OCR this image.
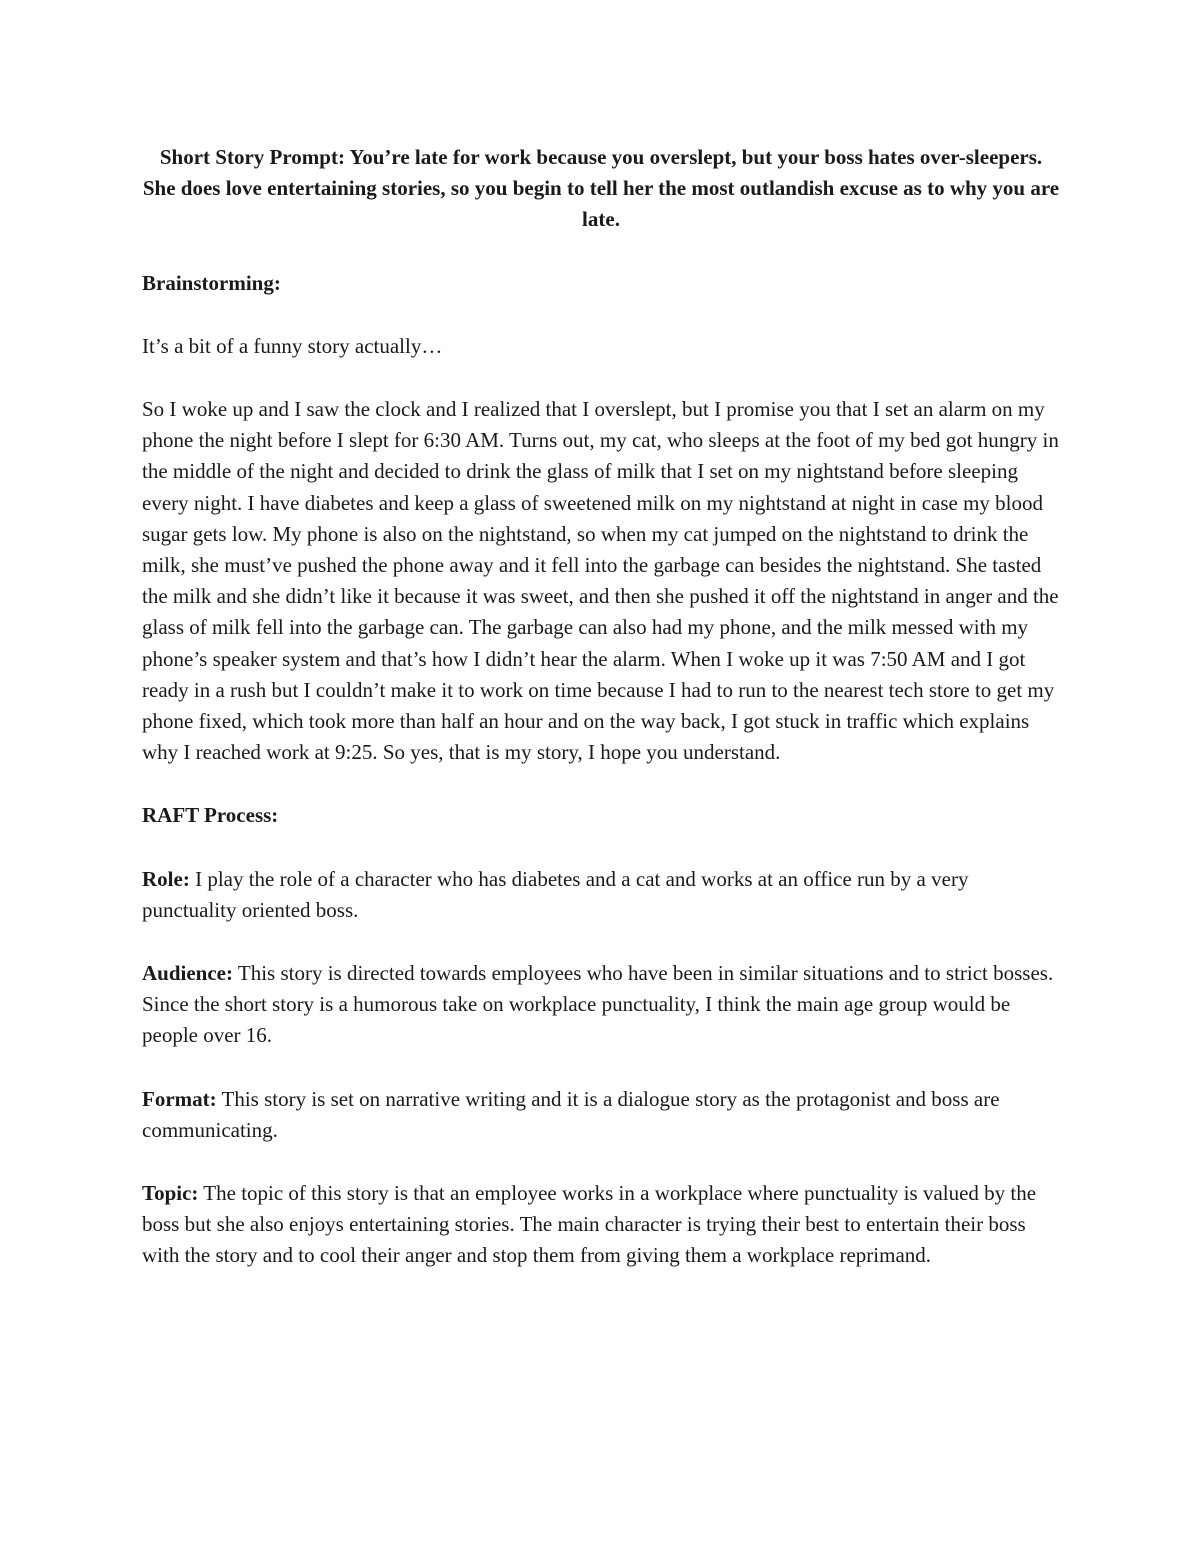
Short Story Prompt: You’re late for work because you overslept, but your boss hates over-sleepers. She does love entertaining stories, so you begin to tell her the most outlandish excuse as to why you are late.

Brainstorming:

It’s a bit of a funny story actually…

So I woke up and I saw the clock and I realized that I overslept, but I promise you that I set an alarm on my phone the night before I slept for 6:30 AM. Turns out, my cat, who sleeps at the foot of my bed got hungry in the middle of the night and decided to drink the glass of milk that I set on my nightstand before sleeping every night. I have diabetes and keep a glass of sweetened milk on my nightstand at night in case my blood sugar gets low. My phone is also on the nightstand, so when my cat jumped on the nightstand to drink the milk, she must’ve pushed the phone away and it fell into the garbage can besides the nightstand. She tasted the milk and she didn’t like it because it was sweet, and then she pushed it off the nightstand in anger and the glass of milk fell into the garbage can. The garbage can also had my phone, and the milk messed with my phone’s speaker system and that’s how I didn’t hear the alarm. When I woke up it was 7:50 AM and I got ready in a rush but I couldn’t make it to work on time because I had to run to the nearest tech store to get my phone fixed, which took more than half an hour and on the way back, I got stuck in traffic which explains why I reached work at 9:25. So yes, that is my story, I hope you understand.

RAFT Process:

Role: I play the role of a character who has diabetes and a cat and works at an office run by a very punctuality oriented boss.

Audience: This story is directed towards employees who have been in similar situations and to strict bosses. Since the short story is a humorous take on workplace punctuality, I think the main age group would be people over 16.

Format: This story is set on narrative writing and it is a dialogue story as the protagonist and boss are communicating.

Topic: The topic of this story is that an employee works in a workplace where punctuality is valued by the boss but she also enjoys entertaining stories. The main character is trying their best to entertain their boss with the story and to cool their anger and stop them from giving them a workplace reprimand.
